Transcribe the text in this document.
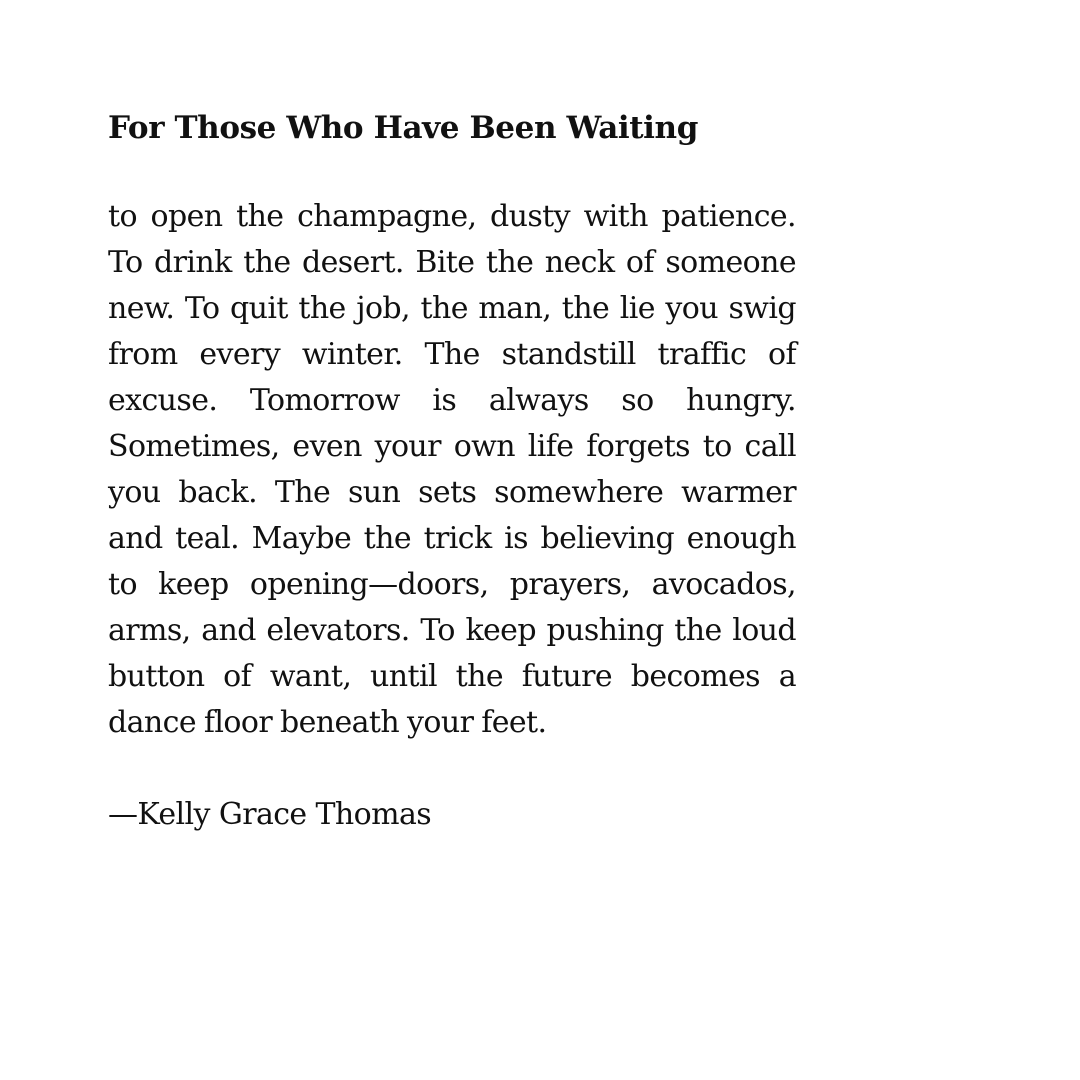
For Those Who Have Been Waiting
to open the champagne, dusty with patience.
To drink the desert. Bite the neck of someone
new. To quit the job, the man, the lie you swig
from every winter. The standstill traffic of
excuse. Tomorrow is always so hungry.
Sometimes, even your own life forgets to call
you back. The sun sets somewhere warmer
and teal. Maybe the trick is believing enough
to keep opening—doors, prayers, avocados,
arms, and elevators. To keep pushing the loud
button of want, until the future becomes a
dance floor beneath your feet.

—Kelly Grace Thomas
